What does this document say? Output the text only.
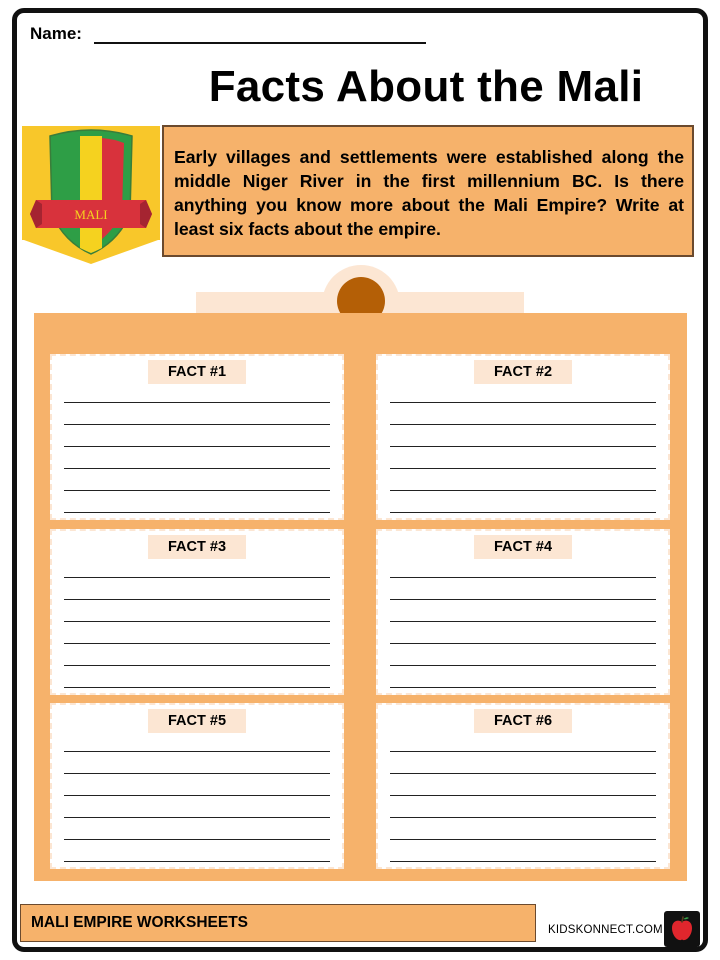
Name:
Facts About the Mali
MALI
Early villages and settlements were established along the middle Niger River in the first millennium BC. Is there anything you know more about the Mali Empire? Write at least six facts about the empire.
FACT #1	FACT #2
FACT #3	FACT #4
FACT #5	FACT #6
MALI EMPIRE WORKSHEETS	KIDSKONNECT.COM
